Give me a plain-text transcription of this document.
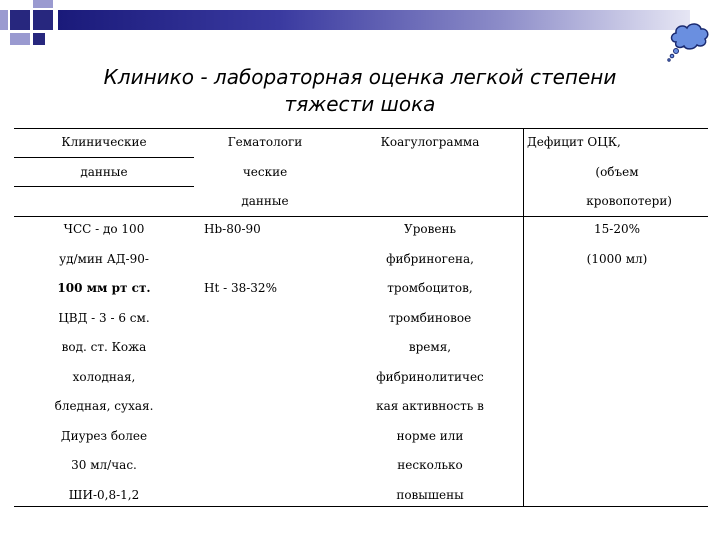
Клинико - лабораторная оценка легкой степени
тяжести шока
Клинические
данные
Гематологи
ческие
данные
Коагулограмма	Дефицит ОЦК,
(объем
кровопотери)
ЧСС - до 100
уд/мин АД-90-
100 мм рт ст.
ЦВД - 3 - 6 см.
вод. ст. Кожа
холодная,
бледная, сухая.
Диурез более
30 мл/час.
ШИ-0,8-1,2
Hb-80-90
Ht - 38-32%
Уровень
фибриногена,
тромбоцитов,
тромбиновое
время,
фибринолитичес
кая активность в
норме или
несколько
повышены
15-20%
(1000 мл)
